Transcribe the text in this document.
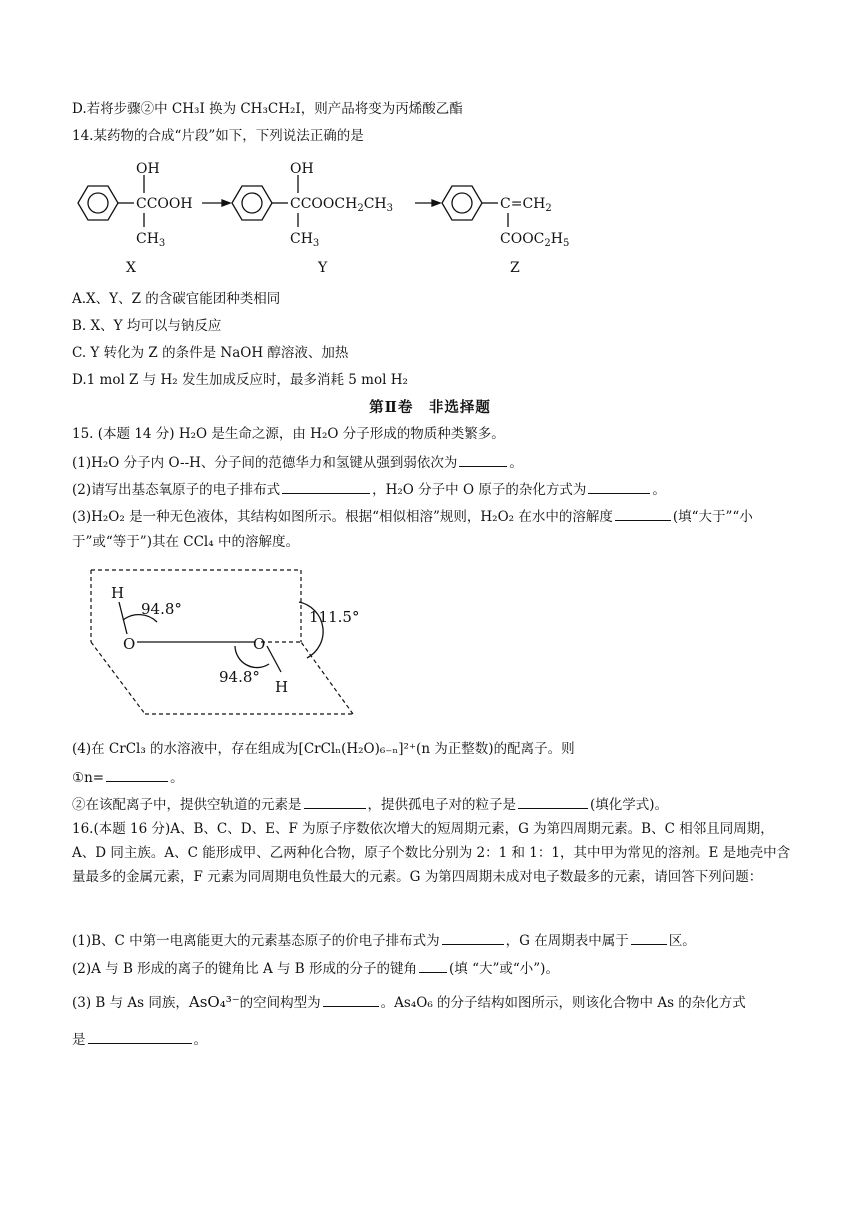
D.若将步骤②中 CH₃I 换为 CH₃CH₂I，则产品将变为丙烯酸乙酯
14.某药物的合成“片段”如下，下列说法正确的是
OH
CCOOH
$CH_3$
OH
$CCOOCH_2CH_3$
$CH_3$
$C=CH_2$
$COOC_2H_5$
X	Y	Z
A.X、Y、Z 的含碳官能团种类相同
B. X、Y 均可以与钠反应
C. Y 转化为 Z 的条件是 NaOH 醇溶液、加热
D.1 mol Z 与 H₂ 发生加成反应时，最多消耗 5 mol H₂
第Ⅱ卷　非选择题
15. (本题 14 分) H₂O 是生命之源，由 H₂O 分子形成的物质种类繁多。
(1)H₂O 分子内 O--H、分子间的范德华力和氢键从强到弱依次为	。
(2)请写出基态氧原子的电子排布式	，H₂O 分子中 O 原子的杂化方式为	。
(3)H₂O₂ 是一种无色液体，其结构如图所示。根据“相似相溶”规则，H₂O₂ 在水中的溶解度	(填“大于”“小
于”或“等于”)其在 CCl₄ 中的溶解度。
H
O	O
H
94.8°
94.8°
111.5°
(4)在 CrCl₃ 的水溶液中，存在组成为[CrClₙ(H₂O)₆₋ₙ]²⁺(n 为正整数)的配离子。则
①n=	。
②在该配离子中，提供空轨道的元素是	，提供孤电子对的粒子是	(填化学式)。
16.(本题 16 分)A、B、C、D、E、F 为原子序数依次增大的短周期元素，G 为第四周期元素。B、C 相邻且同周期，A、D 同主族。A、C 能形成甲、乙两种化合物，原子个数比分别为 2：1 和 1：1，其中甲为常见的溶剂。E 是地壳中含量最多的金属元素，F 元素为同周期电负性最大的元素。G 为第四周期未成对电子数最多的元素，请回答下列问题：
(1)B、C 中第一电离能更大的元素基态原子的价电子排布式为	，G 在周期表中属于	区。
(2)A 与 B 形成的离子的键角比 A 与 B 形成的分子的键角 (填 “大”或“小”)。
(3) B 与 As 同族，AsO₄³⁻的空间构型为	。As₄O₆ 的分子结构如图所示，则该化合物中 As 的杂化方式
是	。
